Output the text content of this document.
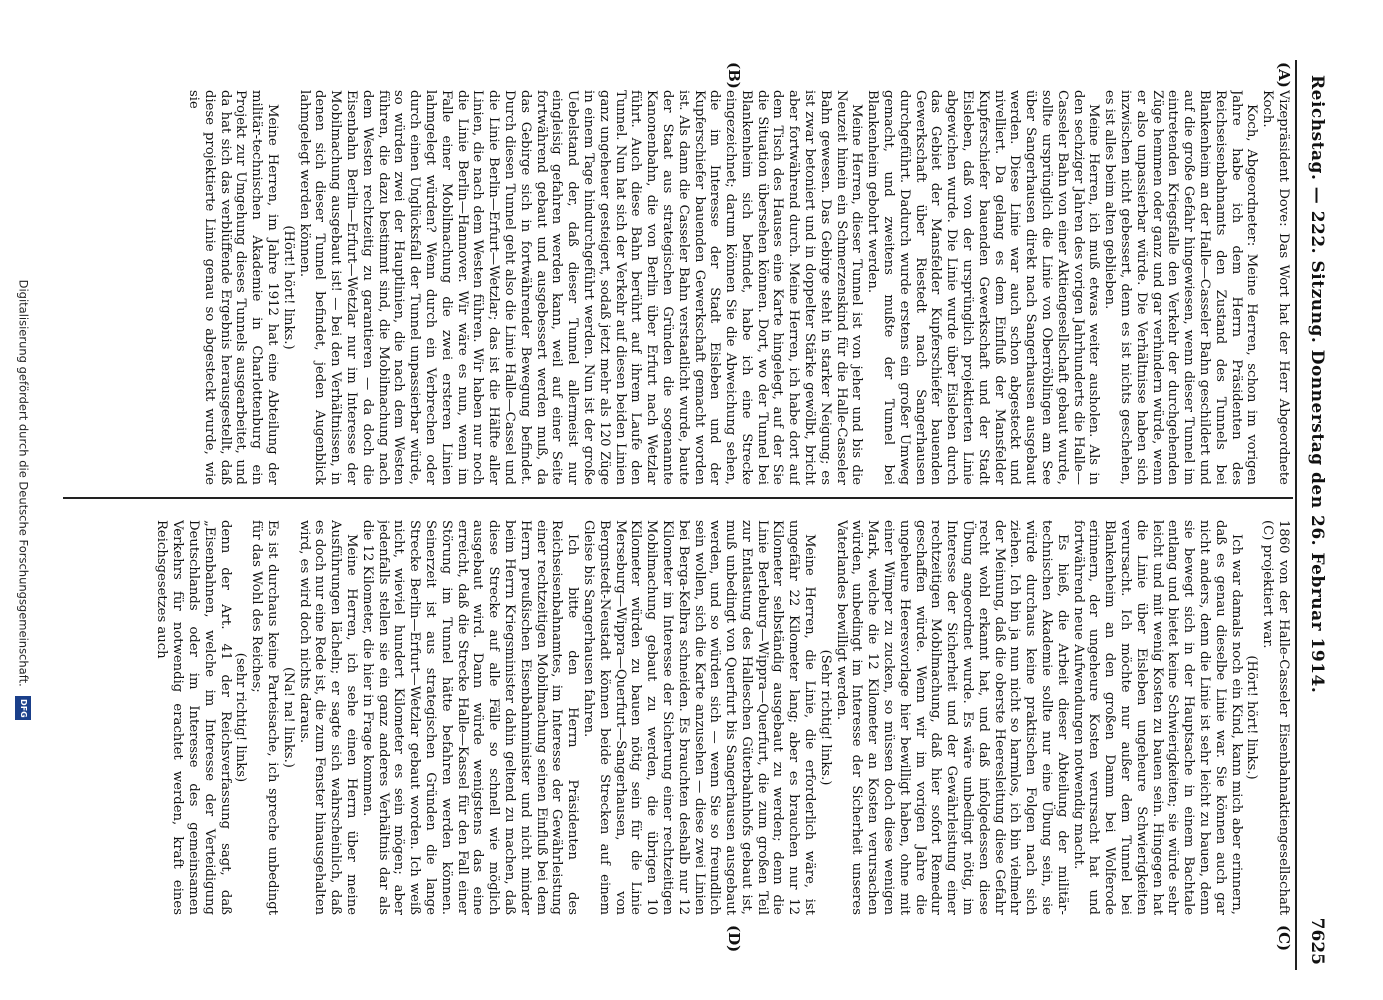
Reichstag. — 222. Sitzung. Donnerstag den 26. Februar 1914.
7625
(A)
(B)
(C)
(D)

Vizepräsident Dove: Das Wort hat der Herr Abgeordnete Koch.

Koch, Abgeordneter: Meine Herren, schon im vorigen Jahre habe ich dem Herrn Präsidenten des Reichseisenbahnamts den Zustand des Tunnels bei Blankenheim an der Halle—Casseler Bahn geschildert und auf die große Gefahr hingewiesen, wenn dieser Tunnel im eintretenden Kriegsfalle den Verkehr der durchgehenden Züge hemmen oder ganz und gar verhindern würde, wenn er also unpassierbar würde. Die Verhältnisse haben sich inzwischen nicht gebessert, denn es ist nichts geschehen, es ist alles beim alten geblieben.

Meine Herren, ich muß etwas weiter ausholen. Als in den sechziger Jahren des vorigen Jahrhunderts die Halle—Casseler Bahn von einer Aktiengesellschaft gebaut wurde, sollte ursprünglich die Linie von Oberröblingen am See über Sangerhausen direkt nach Sangerhausen ausgebaut werden. Diese Linie war auch schon abgesteckt und nivelliert. Da gelang es dem Einfluß der Mansfelder Kupferschiefer bauenden Gewerkschaft und der Stadt Eisleben, daß von der ursprünglich projektierten Linie abgewichen wurde. Die Linie wurde über Eisleben durch das Gebiet der Mansfelder Kupferschiefer bauenden Gewerkschaft über Riestedt nach Sangerhausen durchgeführt. Dadurch wurde erstens ein großer Umweg gemacht, und zweitens mußte der Tunnel bei Blankenheim gebohrt werden.

Meine Herren, dieser Tunnel ist von jeher und bis die Neuzeit hinein ein Schmerzenskind für die Halle-Casseler Bahn gewesen. Das Gebirge steht in starker Neigung; es ist zwar betoniert und in doppelter Stärke gewölbt, bricht aber fortwährend durch. Meine Herren, ich habe dort auf dem Tisch des Hauses eine Karte hingelegt, auf der Sie die Situation übersehen können. Dort, wo der Tunnel bei Blankenheim sich befindet, habe ich eine Strecke eingezeichnet; darum können Sie die Abweichung sehen, die im Interesse der Stadt Eisleben und der Kupferschiefer bauenden Gewerkschaft gemacht worden ist. Als dann die Casseler Bahn verstaatlicht wurde, baute der Staat aus strategischen Gründen die sogenannte Kanonenbahn, die von Berlin über Erfurt nach Wetzlar führt. Auch diese Bahn berührt auf ihrem Laufe den Tunnel. Nun hat sich der Verkehr auf diesen beiden Linien ganz ungeheuer gesteigert, sodaß jetzt mehr als 120 Züge in einem Tage hindurchgeführt werden. Nun ist der große Uebelstand der, daß dieser Tunnel allermeist nur eingleisig gefahren werden kann, weil auf einer Seite fortwährend gebaut und ausgebessert werden muß, da das Gebirge sich in fortwährender Bewegung befindet. Durch diesen Tunnel geht also die Linie Halle—Cassel und die Linie Berlin—Erfurt—Wetzlar; das ist die Hälfte aller Linien, die nach dem Westen führen. Wir haben nur noch die Linie Berlin—Hannover. Wir wäre es nun, wenn im Falle einer Mobilmachung die zwei ersteren Linien lahmgelegt würden? Wenn durch ein Verbrechen oder durch einen Unglücksfall der Tunnel unpassierbar würde, so würden zwei der Hauptlinien, die nach dem Westen führen, die dazu bestimmt sind, die Mobilmachung nach dem Westen rechtzeitig zu garantieren — da doch die Eisenbahn Berlin—Erfurt—Wetzlar nur im Interesse der Mobilmachung ausgebaut ist! — bei den Verhältnissen, in denen sich dieser Tunnel befindet, jeden Augenblick lahmgelegt werden können.

(Hört! hört! links.)

Meine Herren, im Jahre 1912 hat eine Abteilung der militär-technischen Akademie in Charlottenburg ein Projekt zur Umgehung dieses Tunnels ausgearbeitet, und da hat sich das verblüffende Ergebnis herausgestellt, daß diese projektierte Linie genau so abgesteckt wurde, wie sie

1860 von der Halle-Casseler Eisenbahnaktiengesellschaft (C) projektiert war.

(Hört! hört! links.)

Ich war damals noch ein Kind, kann mich aber erinnern, daß es genau dieselbe Linie war. Sie können auch gar nicht anders, denn die Linie ist sehr leicht zu bauen, denn sie bewegt sich in der Hauptsache in einem Bachtale entlang und bietet keine Schwierigkeiten; sie würde sehr leicht und mit wenig Kosten zu bauen sein. Hingegen hat die Linie über Eisleben ungeheure Schwierigkeiten verursacht. Ich möchte nur außer dem Tunnel bei Blankenheim an den großen Damm bei Wolferode erinnern, der ungeheure Kosten verursacht hat und fortwährend neue Aufwendungen notwendig macht.

Es hieß, die Arbeit dieser Abteilung der militär-technischen Akademie sollte nur eine Übung sein, sie würde durchaus keine praktischen Folgen nach sich ziehen. Ich bin ja nun nicht so harmlos, ich bin vielmehr der Meinung, daß die oberste Heeresleitung diese Gefahr recht wohl erkannt hat, und daß infolgedessen diese Übung angeordnet wurde. Es wäre unbedingt nötig, im Interesse der Sicherheit und der Gewährleistung einer rechtzeitigen Mobilmachung, daß hier sofort Remedur geschaffen würde. Wenn wir im vorigen Jahre die ungeheure Heeresvorlage hier bewilligt haben, ohne mit einer Wimper zu zucken, so müssen doch diese wenigen Mark, welche die 12 Kilometer an Kosten verursachen würden, unbedingt im Interesse der Sicherheit unseres Vaterlandes bewilligt werden.

(Sehr richtig! links.)

Meine Herren, die Linie, die erforderlich wäre, ist ungefähr 22 Kilometer lang; aber es brauchen nur 12 Kilometer selbständig ausgebaut zu werden; denn die Linie Berleburg—Wippra—Querfurt, die zum großen Teil zur Entlastung des Halleschen Güterbahnhofs gebaut ist, muß unbedingt von Querfurt bis Sangerhausen ausgebaut werden, und so würden sich — wenn Sie so freundlich sein wollen, sich die Karte anzusehen — diese zwei Linien bei Berga-Kelbra schneiden. Es brauchten deshalb nur 12 Kilometer im Interesse der Sicherung einer rechtzeitigen Mobilmachung gebaut zu werden, die übrigen 10 Kilometer würden zu bauen nötig sein für die Linie Merseburg—Wippra—Querfurt—Sangerhausen, von Bergnstedt-Neustadt können beide Strecken auf einem Gleise bis Sangerhausen fahren.

Ich bitte den Herrn Präsidenten des Reichseisenbahnamtes, im Interesse der Gewährleistung einer rechtzeitigen Mobilmachung seinen Einfluß bei dem Herrn preußischen Eisenbahnminister und nicht minder beim Herrn Kriegsminister dahin geltend zu machen, daß diese Strecke auf alle Fälle so schnell wie möglich ausgebaut wird. Dann würde wenigstens das eine erreicht, daß die Strecke Halle—Kassel für den Fall einer Störung im Tunnel hätte befahren werden können. Seinerzeit ist aus strategischen Gründen die lange Strecke Berlin—Erfurt—Wetzlar gebaut worden. Ich weiß nicht, wieviel hundert Kilometer es sein mögen; aber jedenfalls stellen sie ein ganz anderes Verhältnis dar als die 12 Kilometer, die hier in Frage kommen.

Meine Herren, ich sehe einen Herrn über meine Ausführungen lächeln; er sagte sich wahrscheinlich, daß es doch nur eine Rede ist, die zum Fenster hinausgehalten wird, es wird doch nichts daraus.

(Na! na! links.)

Es ist durchaus keine Parteisache, ich spreche unbedingt für das Wohl des Reiches;

(sehr richtig! links)

denn der Art. 41 der Reichsverfassung sagt, daß „Eisenbahnen, welche im Interesse der Verteidigung Deutschlands oder im Interesse des gemeinsamen Verkehrs für notwendig erachtet werden, kraft eines Reichsgesetzes auch

Digitalisierung gefördert durch die Deutsche Forschungsgemeinschaft. DFG
